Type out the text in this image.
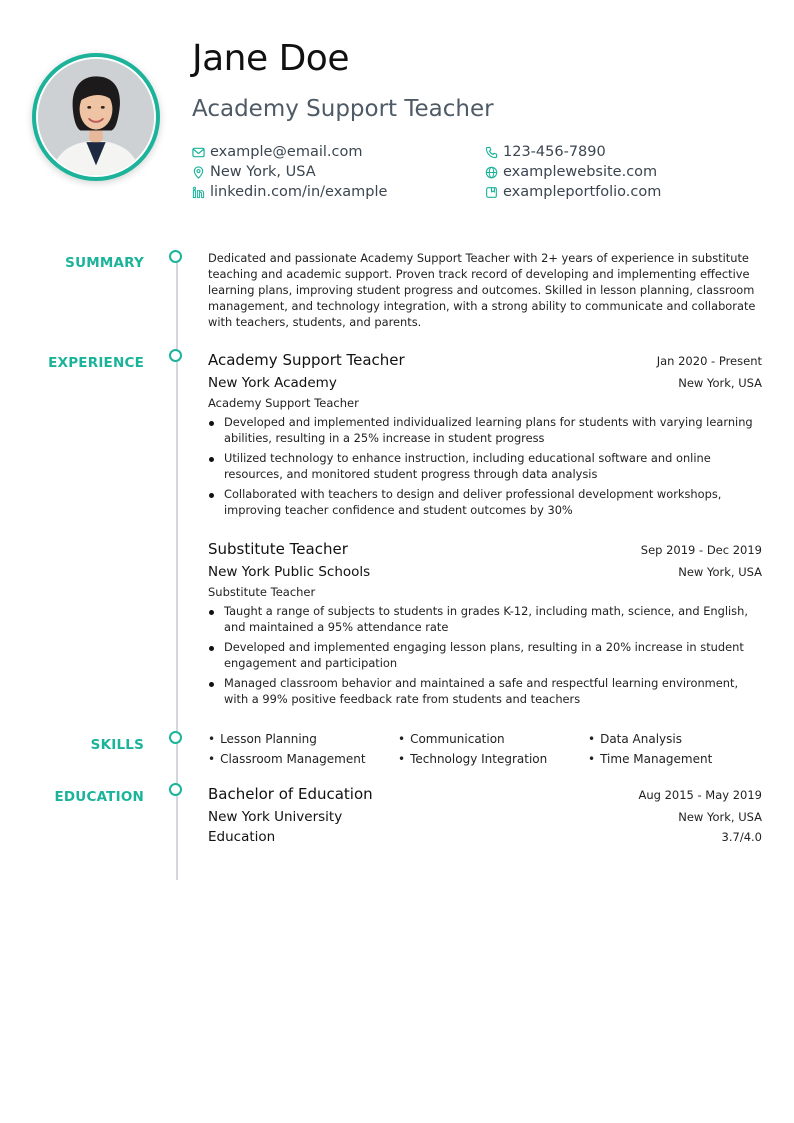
Jane Doe
Academy Support Teacher
example@email.com	123-456-7890
New York, USA	examplewebsite.com
linkedin.com/in/example	exampleportfolio.com
SUMMARY
EXPERIENCE
SKILLS
EDUCATION
Dedicated and passionate Academy Support Teacher with 2+ years of experience in substitute teaching and academic support. Proven track record of developing and implementing effective learning plans, improving student progress and outcomes. Skilled in lesson planning, classroom management, and technology integration, with a strong ability to communicate and collaborate with teachers, students, and parents.
Academy Support Teacher	Jan 2020 - Present
New York Academy	New York, USA
Academy Support Teacher
Developed and implemented individualized learning plans for students with varying learning abilities, resulting in a 25% increase in student progress
Utilized technology to enhance instruction, including educational software and online resources, and monitored student progress through data analysis
Collaborated with teachers to design and deliver professional development workshops, improving teacher confidence and student outcomes by 30%
Substitute Teacher	Sep 2019 - Dec 2019
New York Public Schools	New York, USA
Substitute Teacher
Taught a range of subjects to students in grades K-12, including math, science, and English, and maintained a 95% attendance rate
Developed and implemented engaging lesson plans, resulting in a 20% increase in student engagement and participation
Managed classroom behavior and maintained a safe and respectful learning environment, with a 99% positive feedback rate from students and teachers
• Lesson Planning	• Communication	• Data Analysis
• Classroom Management	• Technology Integration	• Time Management
Bachelor of Education	Aug 2015 - May 2019
New York University	New York, USA
Education	3.7/4.0
